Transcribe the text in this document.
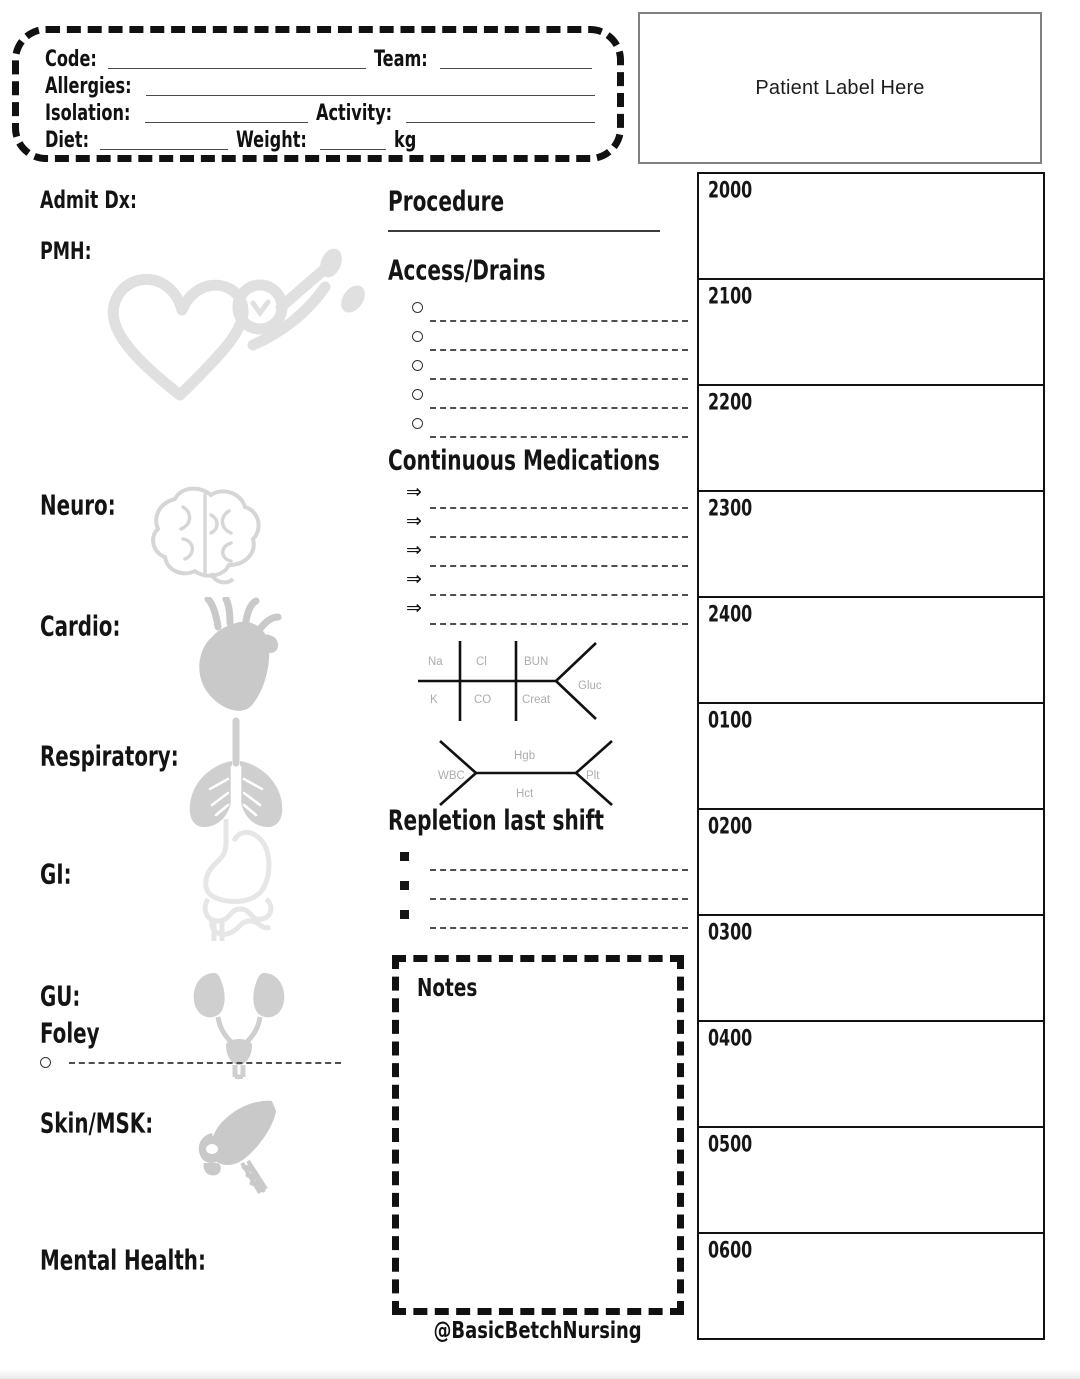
Code:	Team:
Allergies:
Isolation:	Activity:
Diet:	Weight:	kg
Patient Label Here
Admit Dx:
PMH:
Neuro:
Cardio:
Respiratory:
GI:
GU:
Foley
Skin/MSK:
Mental Health:
Procedure
Access/Drains
Continuous Medications
⇒
⇒
⇒
⇒
⇒
Na	Cl	BUN
Gluc
K	CO	Creat
WBC
Hgb
Hct
Plt
Repletion last shift
Notes
@BasicBetchNursing
2000
2100
2200
2300
2400
0100
0200
0300
0400
0500
0600
